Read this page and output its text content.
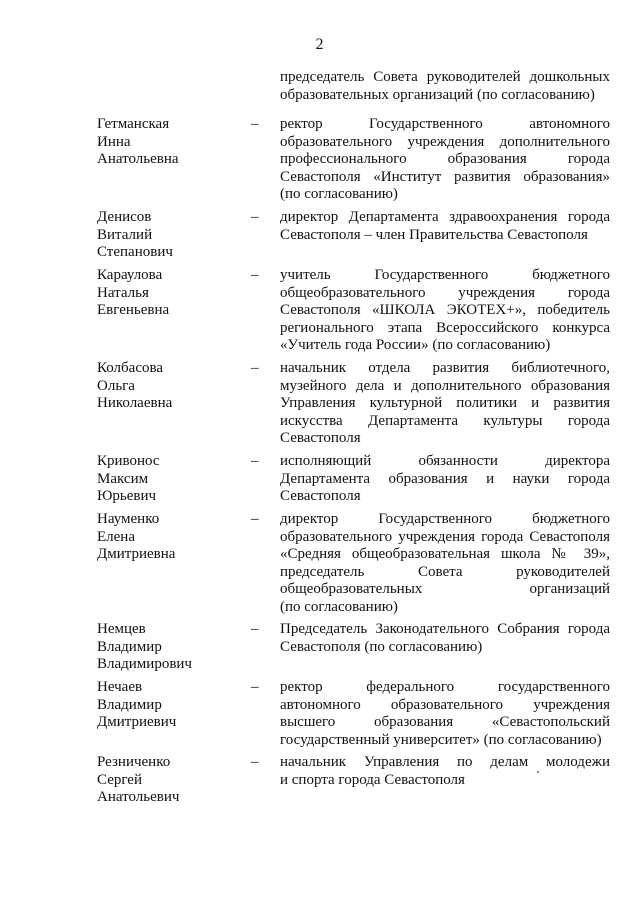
2
председатель Совета руководителей дошкольных
образовательных организаций (по согласованию)
Гетманская
Инна
Анатольевна
– ректор Государственного автономного
образовательного учреждения дополнительного
профессионального образования города
Севастополя «Институт развития образования»
(по согласованию)
Денисов
Виталий
Степанович
– директор Департамента здравоохранения города
Севастополя – член Правительства Севастополя
Караулова
Наталья
Евгеньевна
– учитель Государственного бюджетного
общеобразовательного учреждения города
Севастополя «ШКОЛА ЭКОТЕХ+», победитель
регионального этапа Всероссийского конкурса
«Учитель года России» (по согласованию)
Колбасова
Ольга
Николаевна
– начальник отдела развития библиотечного,
музейного дела и дополнительного образования
Управления культурной политики и развития
искусства Департамента культуры города
Севастополя
Кривонос
Максим
Юрьевич
– исполняющий обязанности директора
Департамента образования и науки города
Севастополя
Науменко
Елена
Дмитриевна
– директор Государственного бюджетного
образовательного учреждения города Севастополя
«Средняя общеобразовательная школа № 39»,
председатель Совета руководителей
общеобразовательных организаций
(по согласованию)
Немцев
Владимир
Владимирович
– Председатель Законодательного Собрания города
Севастополя (по согласованию)
Нечаев
Владимир
Дмитриевич
– ректор федерального государственного
автономного образовательного учреждения
высшего образования «Севастопольский
государственный университет» (по согласованию)
Резниченко
Сергей
Анатольевич
– начальник Управления по делам молодежи
и спорта города Севастополя
